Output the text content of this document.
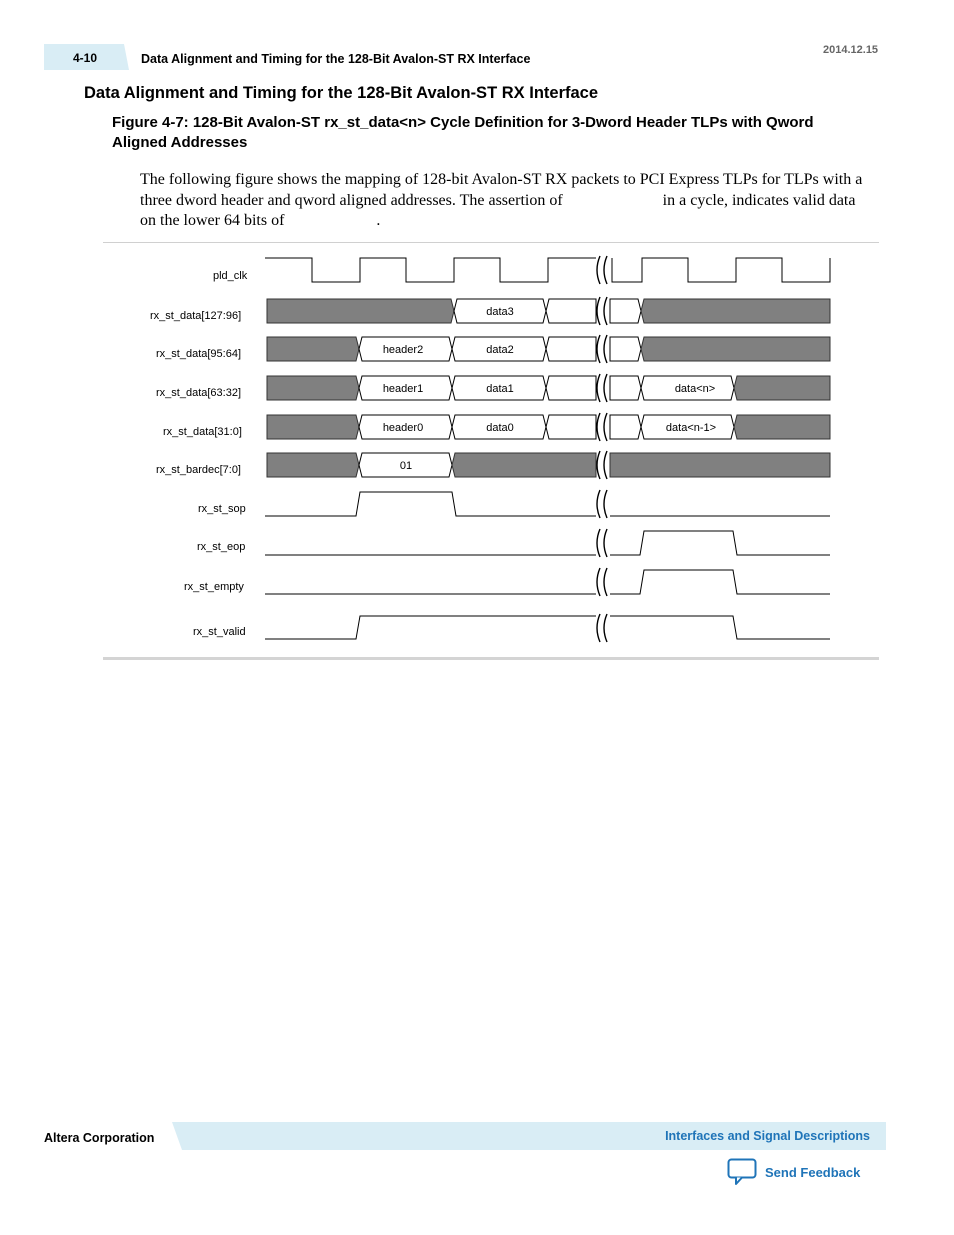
4-10	Data Alignment and Timing for the 128-Bit Avalon-ST RX Interface
2014.12.15
Data Alignment and Timing for the 128-Bit Avalon-ST RX Interface
Figure 4-7: 128-Bit Avalon-ST rx_st_data<n> Cycle Definition for 3-Dword Header TLPs with Qword Aligned Addresses
The following figure shows the mapping of 128-bit Avalon-ST RX packets to PCI Express TLPs for TLPs with a three dword header and qword aligned addresses. The assertion of	in a cycle, indicates valid data on the lower 64 bits of	.
pld_clk
rx_st_data[127:96]
rx_st_data[95:64]
rx_st_data[63:32]
rx_st_data[31:0]
rx_st_bardec[7:0]
rx_st_sop
rx_st_eop
rx_st_empty
rx_st_valid
data3
header2	data2
header1	data1	data<n>
header0	data0	data<n-1>
01
Altera Corporation	Interfaces and Signal Descriptions
Send Feedback
